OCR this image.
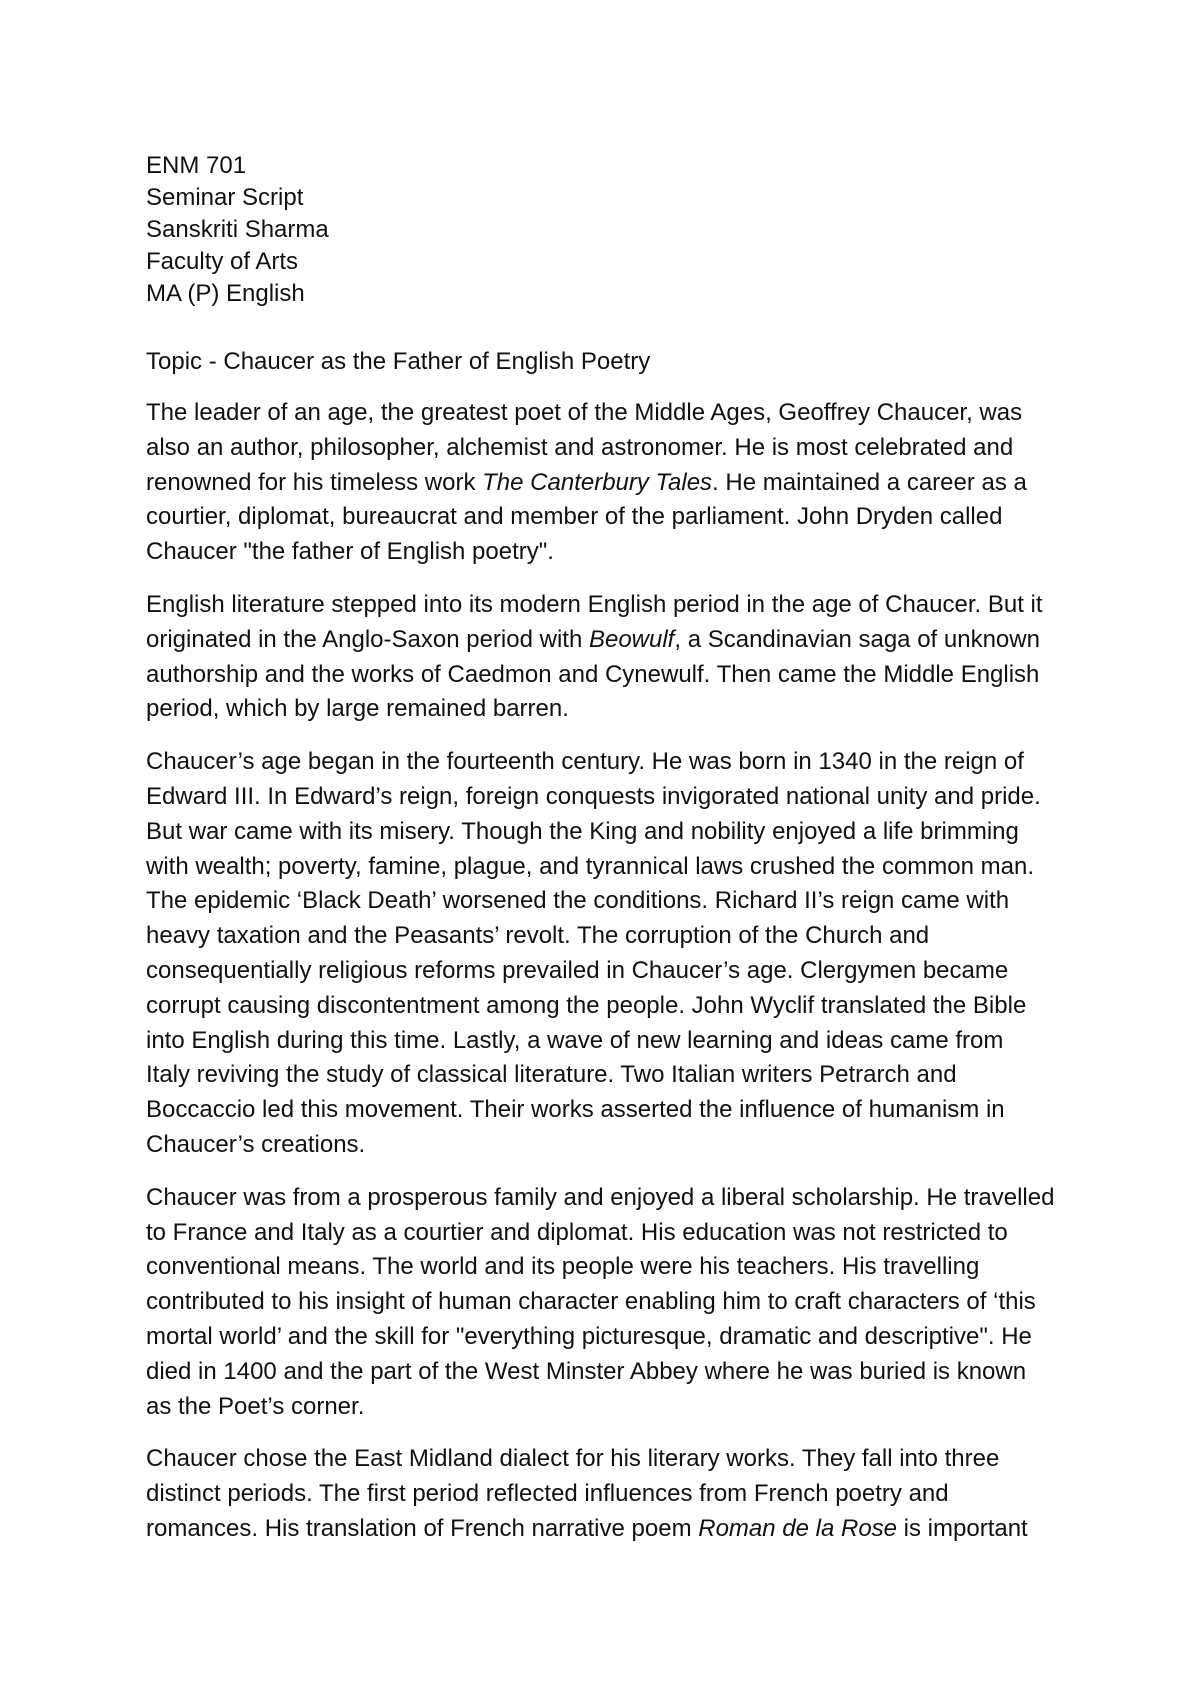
ENM 701
Seminar Script
Sanskriti Sharma
Faculty of Arts
MA (P) English
Topic - Chaucer as the Father of English Poetry
The leader of an age, the greatest poet of the Middle Ages, Geoffrey Chaucer, was
also an author, philosopher, alchemist and astronomer. He is most celebrated and
renowned for his timeless work The Canterbury Tales. He maintained a career as a
courtier, diplomat, bureaucrat and member of the parliament. John Dryden called
Chaucer "the father of English poetry".
English literature stepped into its modern English period in the age of Chaucer. But it
originated in the Anglo-Saxon period with Beowulf, a Scandinavian saga of unknown
authorship and the works of Caedmon and Cynewulf. Then came the Middle English
period, which by large remained barren.
Chaucer’s age began in the fourteenth century. He was born in 1340 in the reign of
Edward III. In Edward’s reign, foreign conquests invigorated national unity and pride.
But war came with its misery. Though the King and nobility enjoyed a life brimming
with wealth; poverty, famine, plague, and tyrannical laws crushed the common man.
The epidemic ‘Black Death’ worsened the conditions. Richard II’s reign came with
heavy taxation and the Peasants’ revolt. The corruption of the Church and
consequentially religious reforms prevailed in Chaucer’s age. Clergymen became
corrupt causing discontentment among the people. John Wyclif translated the Bible
into English during this time. Lastly, a wave of new learning and ideas came from
Italy reviving the study of classical literature. Two Italian writers Petrarch and
Boccaccio led this movement. Their works asserted the influence of humanism in
Chaucer’s creations.
Chaucer was from a prosperous family and enjoyed a liberal scholarship. He travelled
to France and Italy as a courtier and diplomat. His education was not restricted to
conventional means. The world and its people were his teachers. His travelling
contributed to his insight of human character enabling him to craft characters of ‘this
mortal world’ and the skill for "everything picturesque, dramatic and descriptive". He
died in 1400 and the part of the West Minster Abbey where he was buried is known
as the Poet’s corner.
Chaucer chose the East Midland dialect for his literary works. They fall into three
distinct periods. The first period reflected influences from French poetry and
romances. His translation of French narrative poem Roman de la Rose is important
